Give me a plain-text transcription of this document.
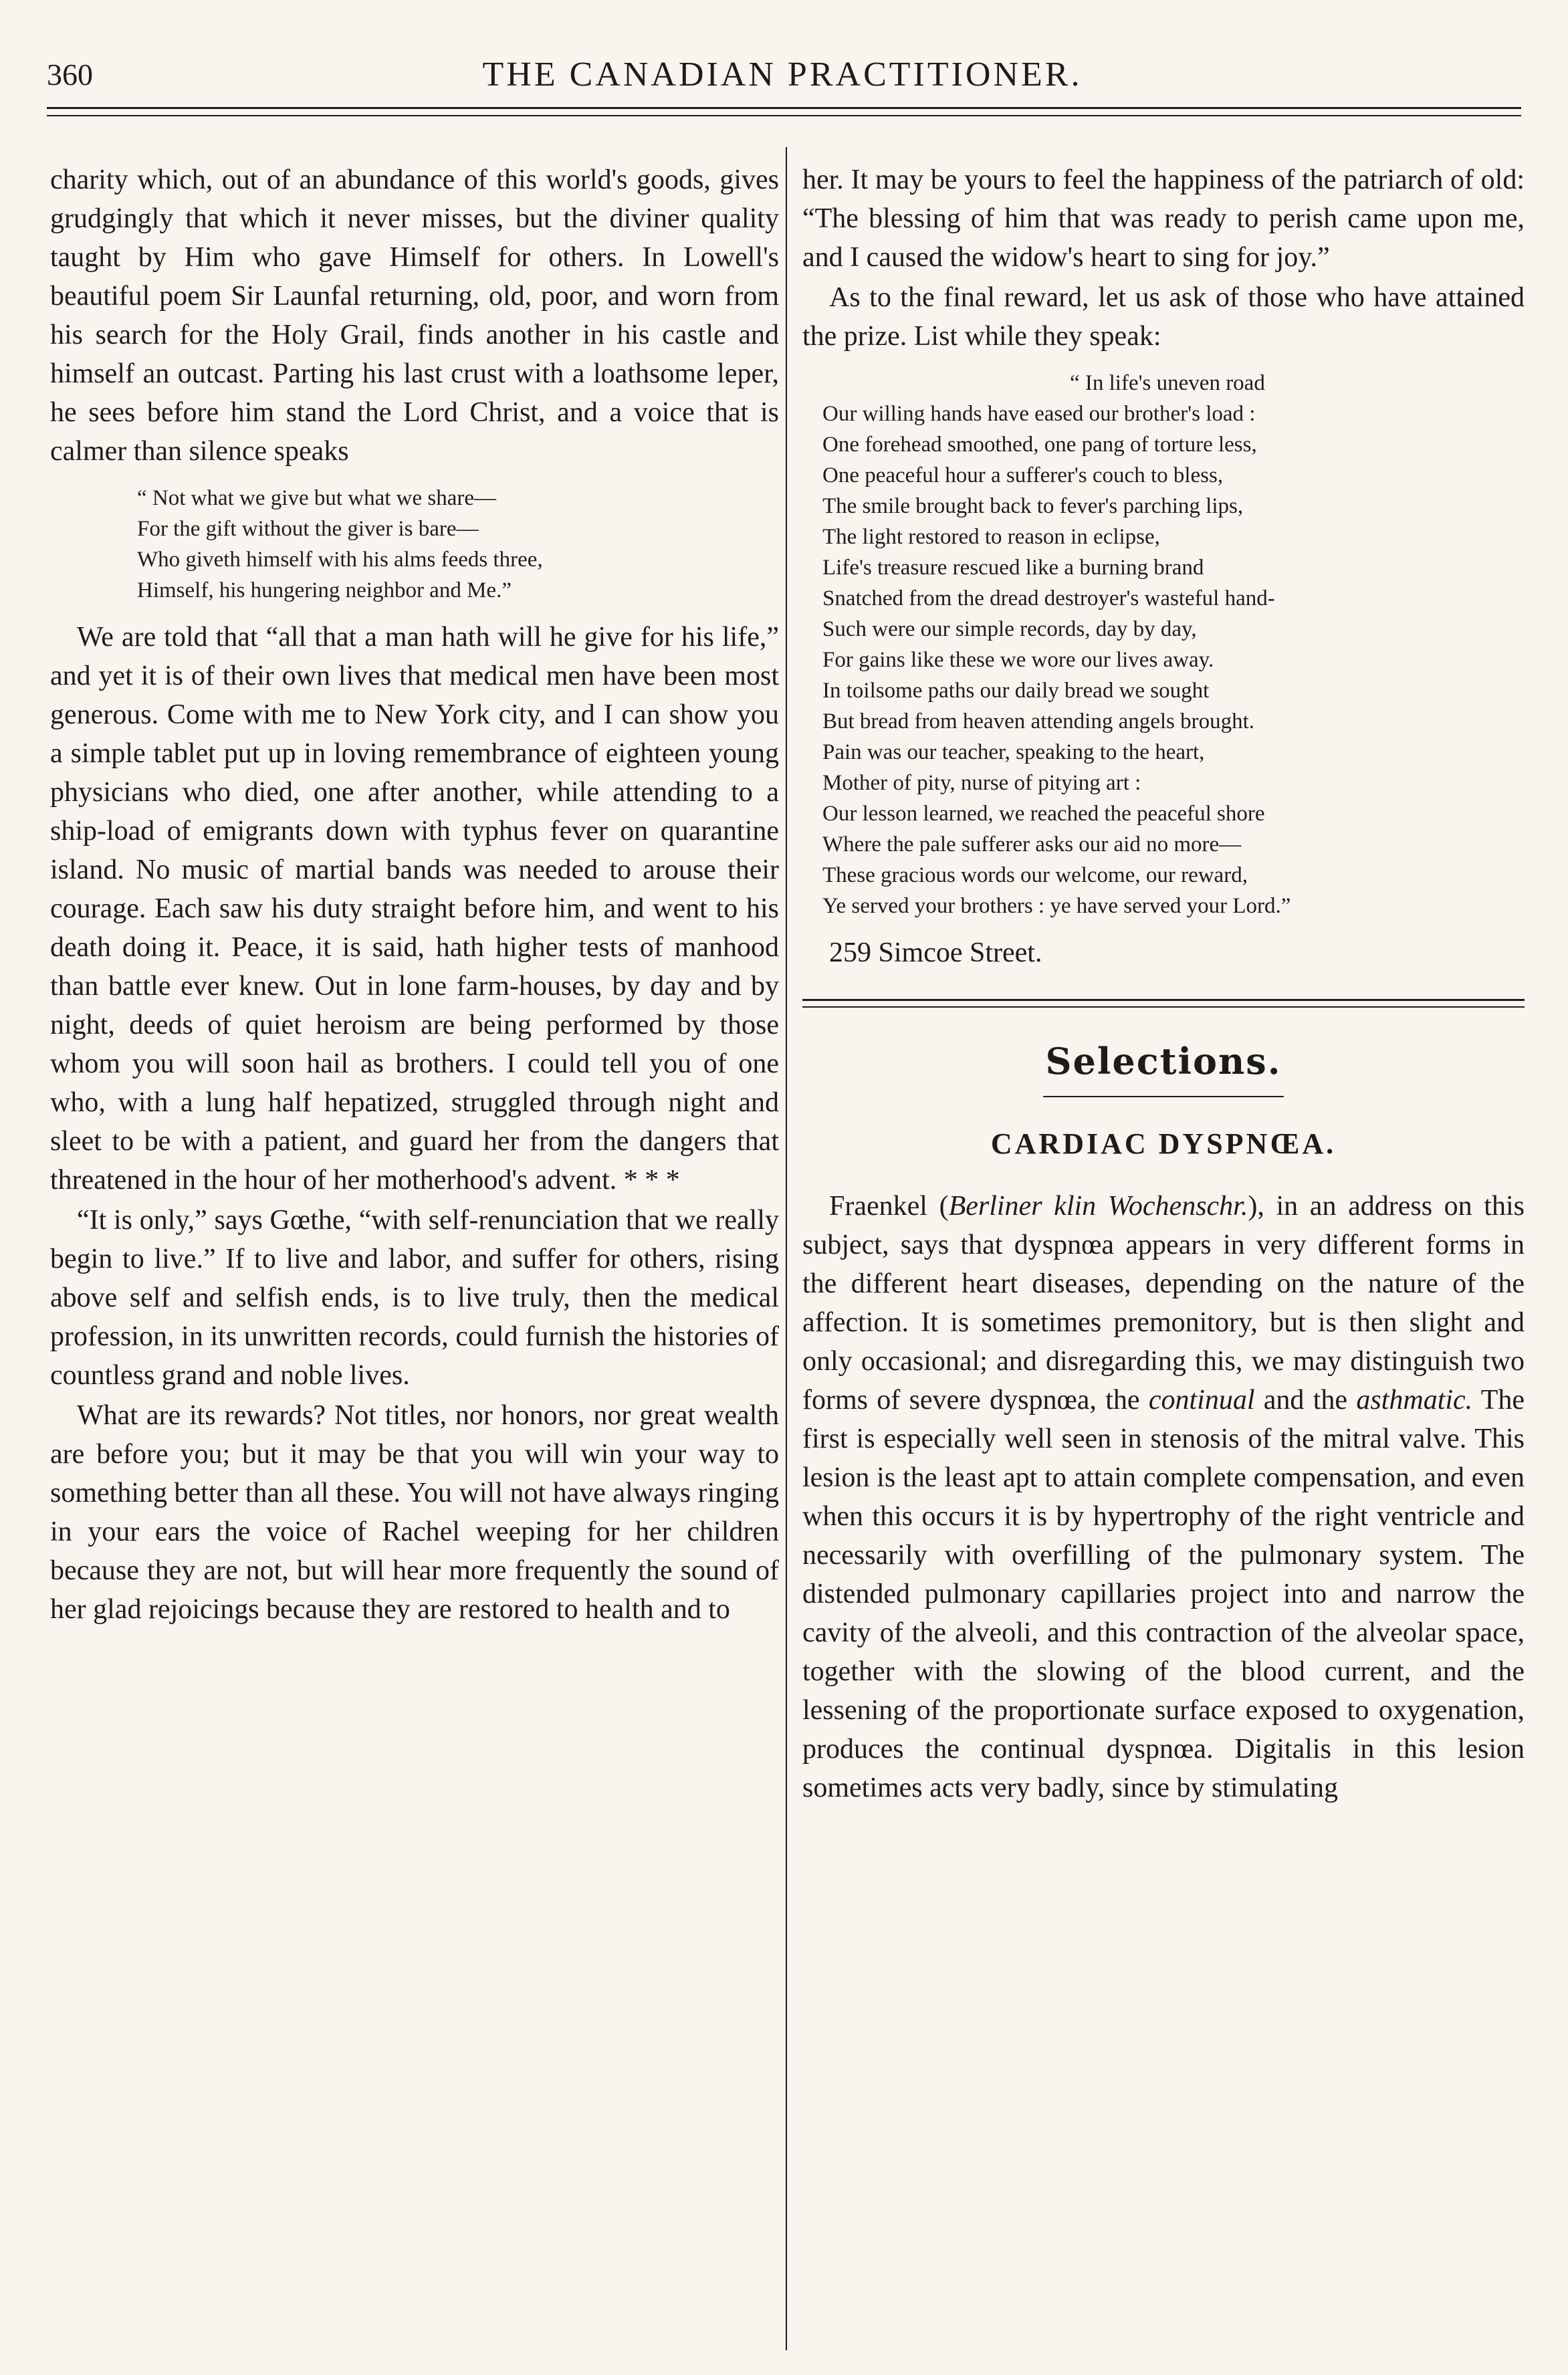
360	THE CANADIAN PRACTITIONER.

charity which, out of an abundance of this world's goods, gives grudgingly that which it never misses, but the diviner quality taught by Him who gave Himself for others. In Lowell's beautiful poem Sir Launfal returning, old, poor, and worn from his search for the Holy Grail, finds another in his castle and himself an outcast. Parting his last crust with a loathsome leper, he sees before him stand the Lord Christ, and a voice that is calmer than silence speaks

“ Not what we give but what we share—
For the gift without the giver is bare—
Who giveth himself with his alms feeds three,
Himself, his hungering neighbor and Me.”

We are told that “all that a man hath will he give for his life,” and yet it is of their own lives that medical men have been most generous. Come with me to New York city, and I can show you a simple tablet put up in loving remembrance of eighteen young physicians who died, one after another, while attending to a ship-load of emigrants down with typhus fever on quarantine island. No music of martial bands was needed to arouse their courage. Each saw his duty straight before him, and went to his death doing it. Peace, it is said, hath higher tests of manhood than battle ever knew. Out in lone farm-houses, by day and by night, deeds of quiet heroism are being performed by those whom you will soon hail as brothers. I could tell you of one who, with a lung half hepatized, struggled through night and sleet to be with a patient, and guard her from the dangers that threatened in the hour of her motherhood's advent. * * *

“It is only,” says Gœthe, “with self-renunciation that we really begin to live.” If to live and labor, and suffer for others, rising above self and selfish ends, is to live truly, then the medical profession, in its unwritten records, could furnish the histories of countless grand and noble lives.

What are its rewards? Not titles, nor honors, nor great wealth are before you; but it may be that you will win your way to something better than all these. You will not have always ringing in your ears the voice of Rachel weeping for her children because they are not, but will hear more frequently the sound of her glad rejoicings because they are restored to health and to

her. It may be yours to feel the happiness of the patriarch of old: “The blessing of him that was ready to perish came upon me, and I caused the widow's heart to sing for joy.”

As to the final reward, let us ask of those who have attained the prize. List while they speak:

“ In life's uneven road
Our willing hands have eased our brother's load :
One forehead smoothed, one pang of torture less,
One peaceful hour a sufferer's couch to bless,
The smile brought back to fever's parching lips,
The light restored to reason in eclipse,
Life's treasure rescued like a burning brand
Snatched from the dread destroyer's wasteful hand-
Such were our simple records, day by day,
For gains like these we wore our lives away.
In toilsome paths our daily bread we sought
But bread from heaven attending angels brought.
Pain was our teacher, speaking to the heart,
Mother of pity, nurse of pitying art :
Our lesson learned, we reached the peaceful shore
Where the pale sufferer asks our aid no more—
These gracious words our welcome, our reward,
Ye served your brothers : ye have served your Lord.”

259 Simcoe Street.

Selections.
CARDIAC DYSPNŒA.

Fraenkel (Berliner klin Wochenschr.), in an address on this subject, says that dyspnœa appears in very different forms in the different heart diseases, depending on the nature of the affection. It is sometimes premonitory, but is then slight and only occasional; and disregarding this, we may distinguish two forms of severe dyspnœa, the continual and the asthmatic. The first is especially well seen in stenosis of the mitral valve. This lesion is the least apt to attain complete compensation, and even when this occurs it is by hypertrophy of the right ventricle and necessarily with overfilling of the pulmonary system. The distended pulmonary capillaries project into and narrow the cavity of the alveoli, and this contraction of the alveolar space, together with the slowing of the blood current, and the lessening of the proportionate surface exposed to oxygenation, produces the continual dyspnœa. Digitalis in this lesion sometimes acts very badly, since by stimulating
